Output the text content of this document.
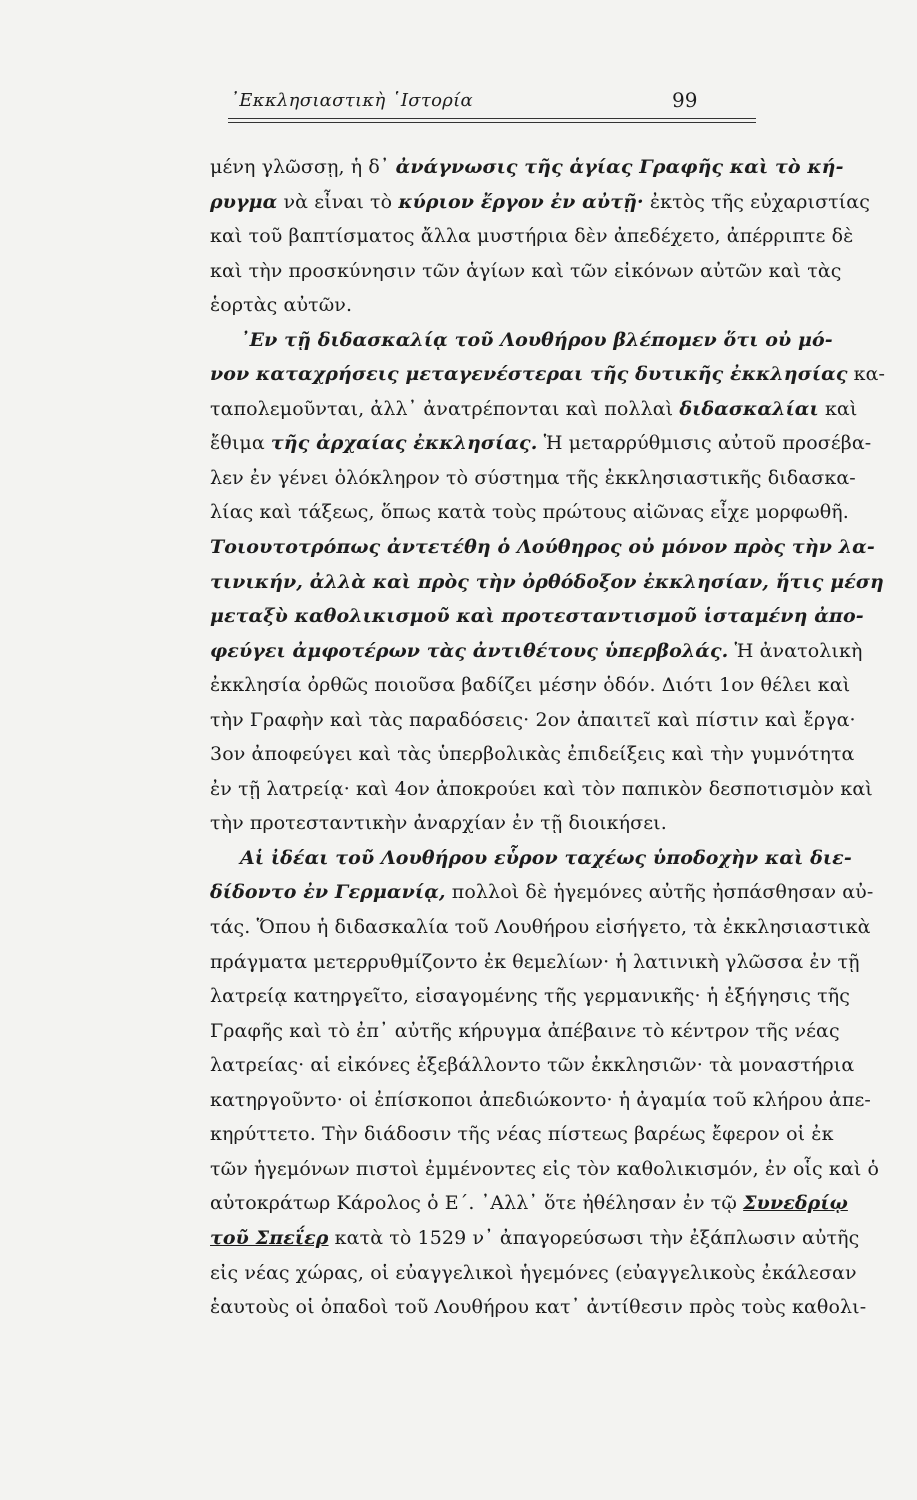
᾿Εκκλησιαστικὴ ῾Ιστορία	99
μένη γλῶσσῃ, ἡ δ᾿ ἀνάγνωσις τῆς ἁγίας Γραφῆς καὶ τὸ κή-
ρυγμα νὰ εἶναι τὸ κύριον ἔργον ἐν αὐτῇ· ἐκτὸς τῆς εὐχαριστίας
καὶ τοῦ βαπτίσματος ἄλλα μυστήρια δὲν ἀπεδέχετο, ἀπέρριπτε δὲ
καὶ τὴν προσκύνησιν τῶν ἁγίων καὶ τῶν εἰκόνων αὐτῶν καὶ τὰς
ἑορτὰς αὐτῶν.
᾿Εν τῇ διδασκαλίᾳ τοῦ Λουθήρου βλέπομεν ὅτι οὐ μό-
νον καταχρήσεις μεταγενέστεραι τῆς δυτικῆς ἐκκλησίας κα-
ταπολεμοῦνται, ἀλλ᾿ ἀνατρέπονται καὶ πολλαὶ διδασκαλίαι καὶ
ἔθιμα τῆς ἀρχαίας ἐκκλησίας. Ἡ μεταρρύθμισις αὐτοῦ προσέβα-
λεν ἐν γένει ὁλόκληρον τὸ σύστημα τῆς ἐκκλησιαστικῆς διδασκα-
λίας καὶ τάξεως, ὅπως κατὰ τοὺς πρώτους αἰῶνας εἶχε μορφωθῆ.
Τοιουτοτρόπως ἀντετέθη ὁ Λούθηρος οὐ μόνον πρὸς τὴν λα-
τινικήν, ἀλλὰ καὶ πρὸς τὴν ὀρθόδοξον ἐκκλησίαν, ἥτις μέση
μεταξὺ καθολικισμοῦ καὶ προτεσταντισμοῦ ἱσταμένη ἀπο-
φεύγει ἀμφοτέρων τὰς ἀντιθέτους ὑπερβολάς. Ἡ ἀνατολικὴ
ἐκκλησία ὀρθῶς ποιοῦσα βαδίζει μέσην ὁδόν. Διότι 1ον θέλει καὶ
τὴν Γραφὴν καὶ τὰς παραδόσεις· 2ον ἀπαιτεῖ καὶ πίστιν καὶ ἔργα·
3ον ἀποφεύγει καὶ τὰς ὑπερβολικὰς ἐπιδείξεις καὶ τὴν γυμνότητα
ἐν τῇ λατρείᾳ· καὶ 4ον ἀποκρούει καὶ τὸν παπικὸν δεσποτισμὸν καὶ
τὴν προτεσταντικὴν ἀναρχίαν ἐν τῇ διοικήσει.
Αἱ ἰδέαι τοῦ Λουθήρου εὗρον ταχέως ὑποδοχὴν καὶ διε-
δίδοντο ἐν Γερμανίᾳ, πολλοὶ δὲ ἡγεμόνες αὐτῆς ἠσπάσθησαν αὐ-
τάς. Ὅπου ἡ διδασκαλία τοῦ Λουθήρου εἰσήγετο, τὰ ἐκκλησιαστικὰ
πράγματα μετερρυθμίζοντο ἐκ θεμελίων· ἡ λατινικὴ γλῶσσα ἐν τῇ
λατρείᾳ κατηργεῖτο, εἰσαγομένης τῆς γερμανικῆς· ἡ ἐξήγησις τῆς
Γραφῆς καὶ τὸ ἐπ᾿ αὐτῆς κήρυγμα ἀπέβαινε τὸ κέντρον τῆς νέας
λατρείας· αἱ εἰκόνες ἐξεβάλλοντο τῶν ἐκκλησιῶν· τὰ μοναστήρια
κατηργοῦντο· οἱ ἐπίσκοποι ἀπεδιώκοντο· ἡ ἀγαμία τοῦ κλήρου ἀπε-
κηρύττετο. Τὴν διάδοσιν τῆς νέας πίστεως βαρέως ἔφερον οἱ ἐκ
τῶν ἡγεμόνων πιστοὶ ἐμμένοντες εἰς τὸν καθολικισμόν, ἐν οἷς καὶ ὁ
αὐτοκράτωρ Κάρολος ὁ Ε΄. ᾿Αλλ᾿ ὅτε ἠθέλησαν ἐν τῷ Συνεδρίῳ
τοῦ Σπεΐερ κατὰ τὸ 1529 ν᾿ ἀπαγορεύσωσι τὴν ἐξάπλωσιν αὐτῆς
εἰς νέας χώρας, οἱ εὐαγγελικοὶ ἡγεμόνες (εὐαγγελικοὺς ἐκάλεσαν
ἑαυτοὺς οἱ ὀπαδοὶ τοῦ Λουθήρου κατ᾿ ἀντίθεσιν πρὸς τοὺς καθολι-
